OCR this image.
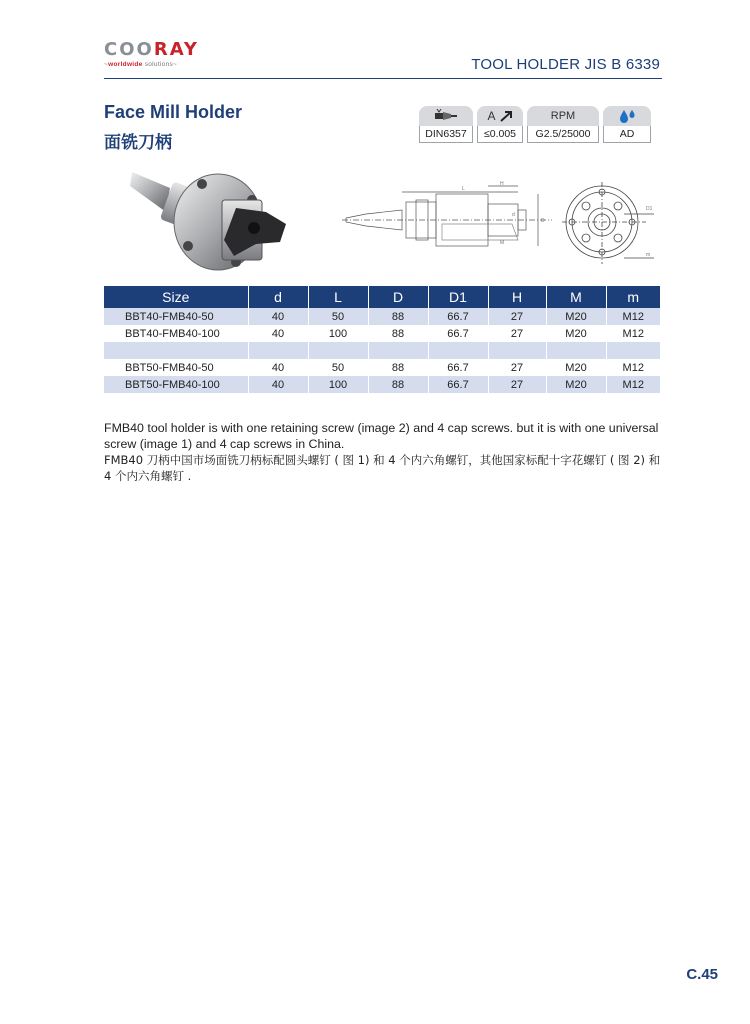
COORAY
~worldwide solutions~	TOOL HOLDER JIS B 6339
Face Mill Holder
面铣刀柄	DIN6357
A
≤0.005
RPM
G2.5/25000	AD
L
H
d
D
M
D1
m
Size	d	L	D	D1	H	M	m
BBT40-FMB40-50	40	50	88	66.7	27	M20	M12
BBT40-FMB40-100	40	100	88	66.7	27	M20	M12

BBT50-FMB40-50	40	50	88	66.7	27	M20	M12
BBT50-FMB40-100	40	100	88	66.7	27	M20	M12

FMB40 tool holder is with one retaining screw (image 2) and 4 cap screws. but it is with one universal screw (image 1) and 4 cap screws in China.

FMB40 刀柄中国市场面铣刀柄标配圆头螺钉 ( 图 1) 和 4 个内六角螺钉，其他国家标配十字花螺钉 ( 图 2) 和 4 个内六角螺钉 .

C.45
